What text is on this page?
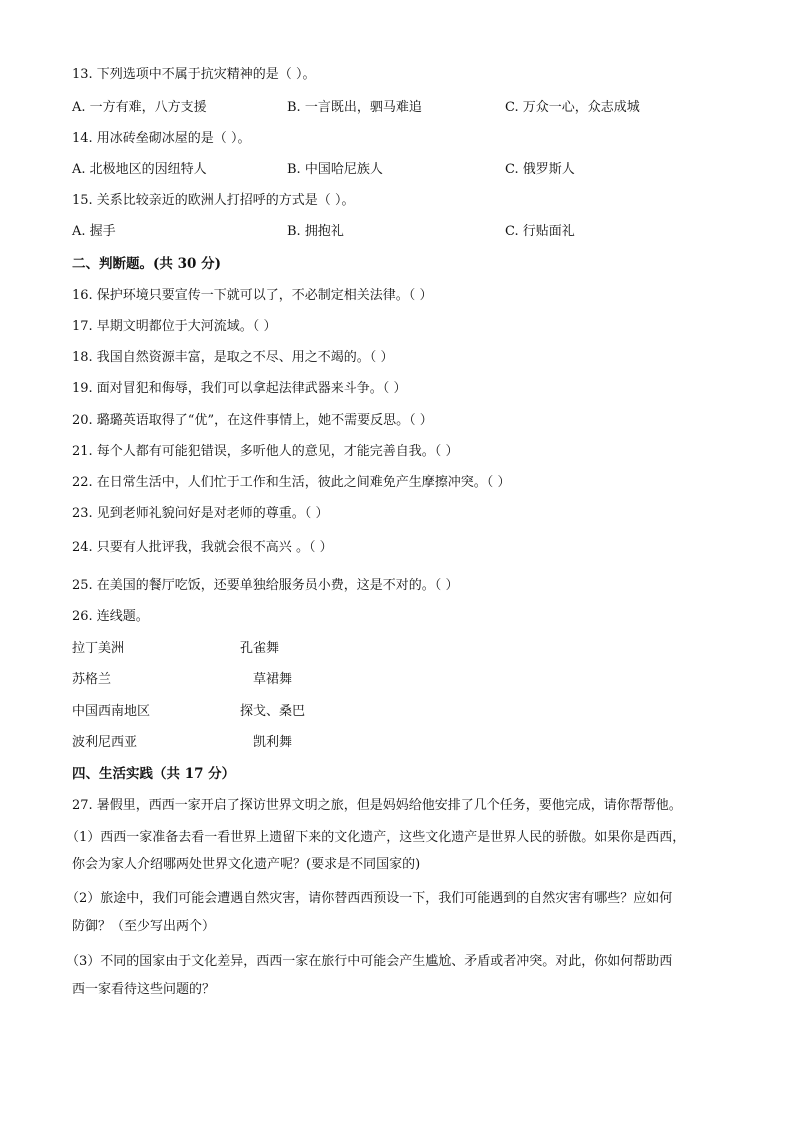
13. 下列选项中不属于抗灾精神的是（ ）。
A. 一方有难，八方支援	B. 一言既出，驷马难追	C. 万众一心，众志成城
14. 用冰砖垒砌冰屋的是（ ）。
A. 北极地区的因纽特人	B. 中国哈尼族人	C. 俄罗斯人
15. 关系比较亲近的欧洲人打招呼的方式是（ ）。
A. 握手	B. 拥抱礼	C. 行贴面礼
二、判断题。(共 30 分)
16. 保护环境只要宣传一下就可以了，不必制定相关法律。（ ）
17. 早期文明都位于大河流域。（ ）
18. 我国自然资源丰富，是取之不尽、用之不竭的。（ ）
19. 面对冒犯和侮辱，我们可以拿起法律武器来斗争。（ ）
20. 璐璐英语取得了“优”，在这件事情上，她不需要反思。（ ）
21. 每个人都有可能犯错误，多听他人的意见，才能完善自我。（ ）
22. 在日常生活中，人们忙于工作和生活，彼此之间难免产生摩擦冲突。（ ）
23. 见到老师礼貌问好是对老师的尊重。（ ）
24. 只要有人批评我，我就会很不高兴 。（ ）
25. 在美国的餐厅吃饭，还要单独给服务员小费，这是不对的。（ ）
26. 连线题。
拉丁美洲	孔雀舞
苏格兰	草裙舞
中国西南地区	探戈、桑巴
波利尼西亚	凯利舞
四、生活实践（共 17 分）
27. 暑假里，西西一家开启了探访世界文明之旅，但是妈妈给他安排了几个任务，要他完成，请你帮帮他。
（1）西西一家准备去看一看世界上遗留下来的文化遗产，这些文化遗产是世界人民的骄傲。如果你是西西，
你会为家人介绍哪两处世界文化遗产呢？(要求是不同国家的)
（2）旅途中，我们可能会遭遇自然灾害，请你替西西预设一下，我们可能遇到的自然灾害有哪些？应如何
防御？（至少写出两个）
（3）不同的国家由于文化差异，西西一家在旅行中可能会产生尴尬、矛盾或者冲突。对此，你如何帮助西
西一家看待这些问题的？
